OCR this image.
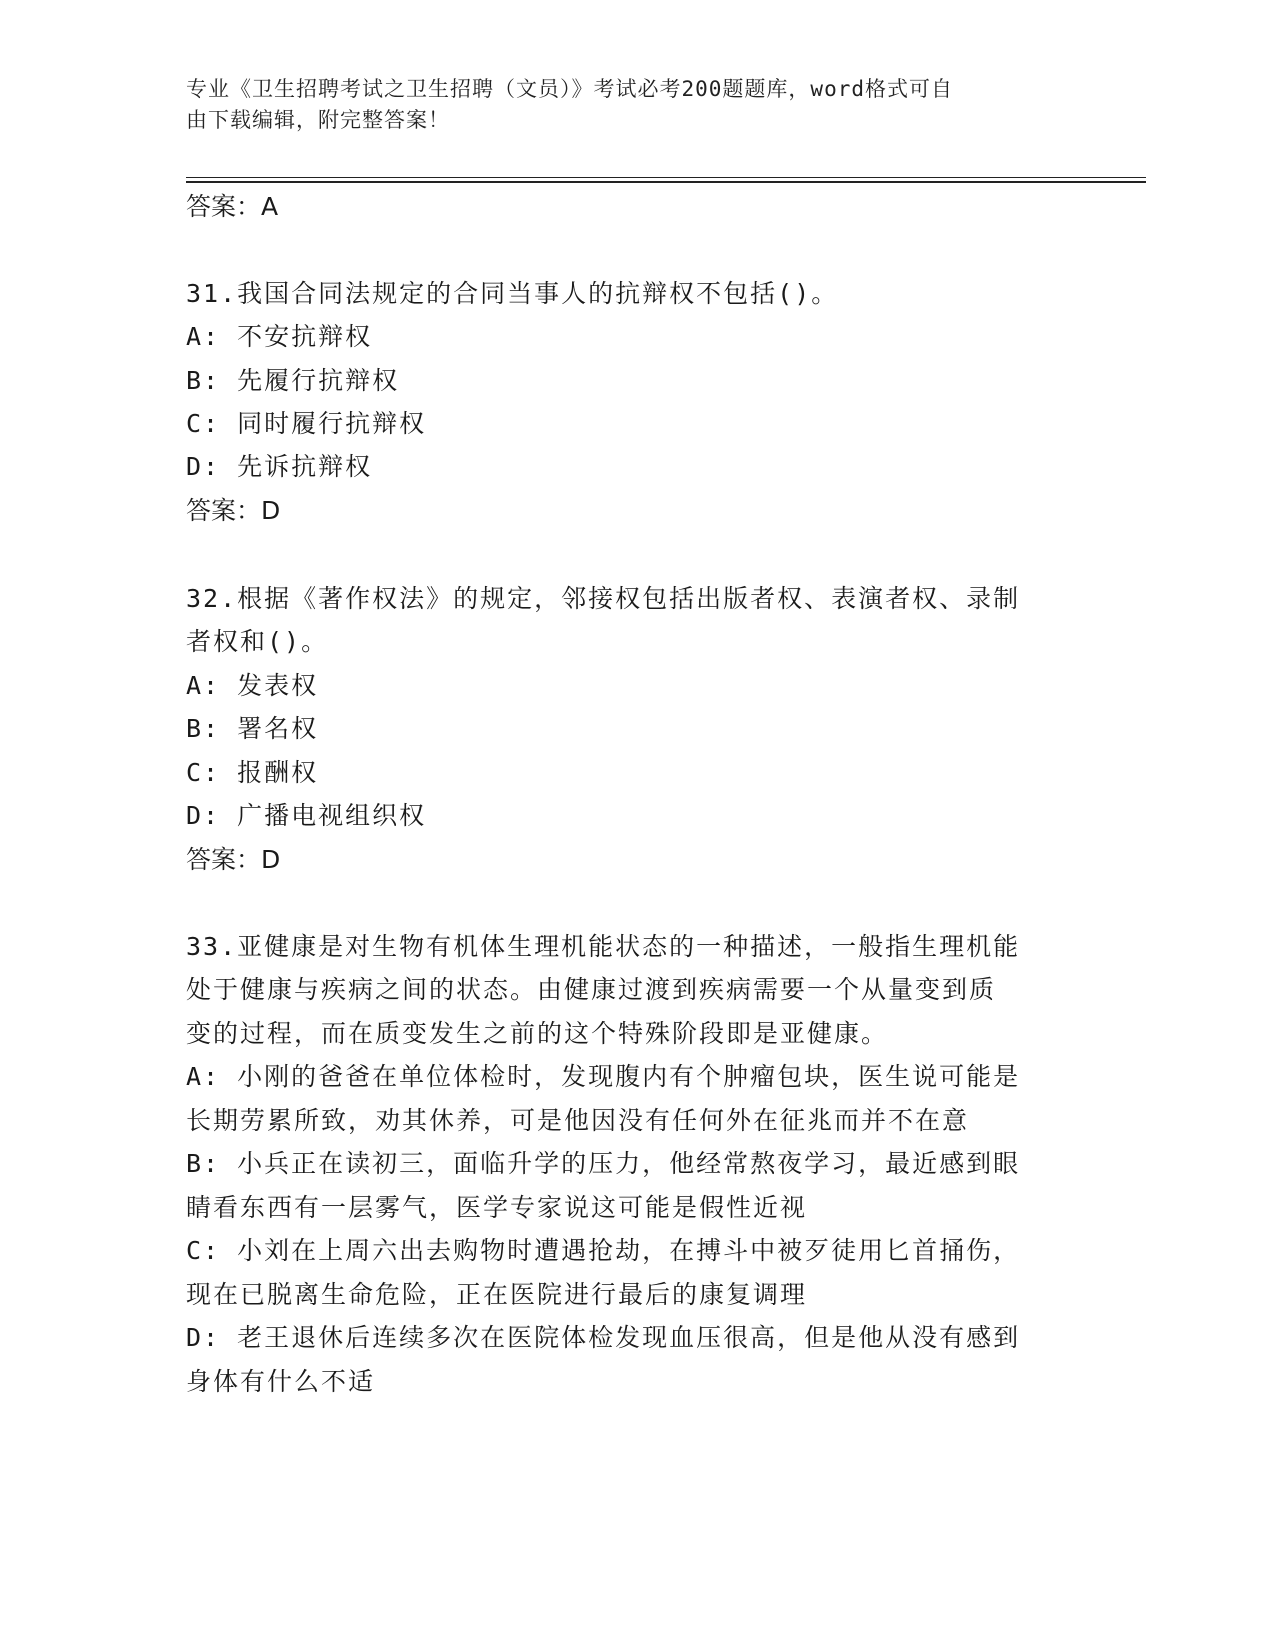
专业《卫生招聘考试之卫生招聘（文员）》考试必考200题题库，word格式可自
由下载编辑，附完整答案！
答案：A
31.我国合同法规定的合同当事人的抗辩权不包括()。
A: 不安抗辩权
B: 先履行抗辩权
C: 同时履行抗辩权
D: 先诉抗辩权
答案：D
32.根据《著作权法》的规定，邻接权包括出版者权、表演者权、录制
者权和()。
A: 发表权
B: 署名权
C: 报酬权
D: 广播电视组织权
答案：D
33.亚健康是对生物有机体生理机能状态的一种描述，一般指生理机能
处于健康与疾病之间的状态。由健康过渡到疾病需要一个从量变到质
变的过程，而在质变发生之前的这个特殊阶段即是亚健康。
A: 小刚的爸爸在单位体检时，发现腹内有个肿瘤包块，医生说可能是
长期劳累所致，劝其休养，可是他因没有任何外在征兆而并不在意
B: 小兵正在读初三，面临升学的压力，他经常熬夜学习，最近感到眼
睛看东西有一层雾气，医学专家说这可能是假性近视
C: 小刘在上周六出去购物时遭遇抢劫，在搏斗中被歹徒用匕首捅伤，
现在已脱离生命危险，正在医院进行最后的康复调理
D: 老王退休后连续多次在医院体检发现血压很高，但是他从没有感到
身体有什么不适
